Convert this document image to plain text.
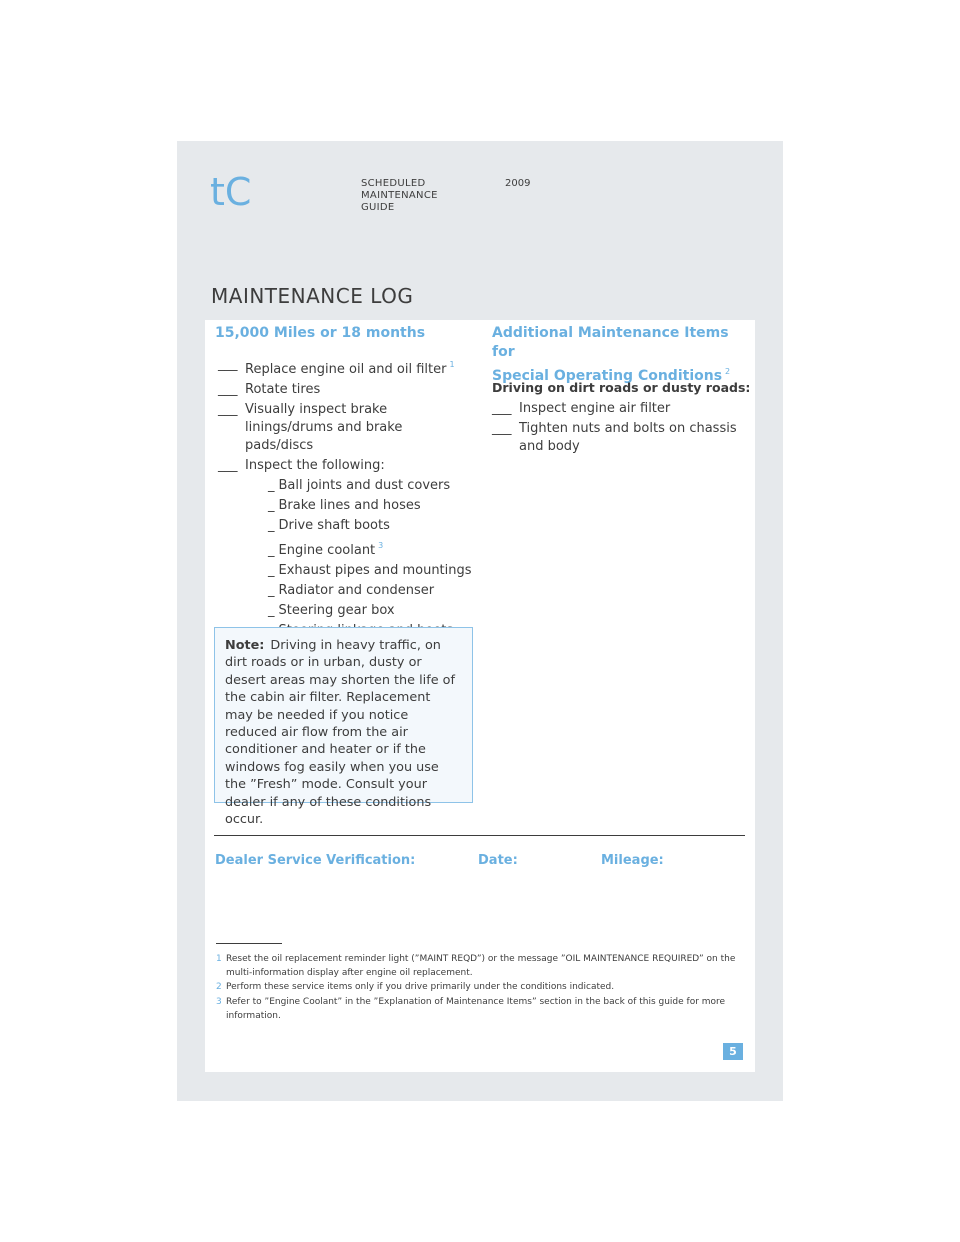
tC	SCHEDULED
MAINTENANCE
GUIDE
2009
MAINTENANCE LOG
15,000 Miles or 18 months
___ Replace engine oil and oil filter $^1$
___ Rotate tires
___ Visually inspect brake linings/drums and brake pads/discs
___ Inspect the following:
_ Ball joints and dust covers
_ Brake lines and hoses
_ Drive shaft boots
_ Engine coolant $^3$
_ Exhaust pipes and mountings
_ Radiator and condenser
_ Steering gear box
Additional Maintenance Items for
Special Operating Conditions $^2$
Driving on dirt roads or dusty roads:
___ Inspect engine air filter
___ Tighten nuts and bolts on chassis and body
Note: Driving in heavy traffic, on dirt roads or in urban, dusty or desert areas may shorten the life of the cabin air filter. Replacement may be needed if you notice reduced air flow from the air conditioner and heater or if the windows fog easily when you use the ”Fresh” mode. Consult your dealer if any of these conditions occur.
Dealer Service Verification:	Date:	Mileage:
1 Reset the oil replacement reminder light (”MAINT REQD”) or the message ”OIL MAINTENANCE REQUIRED” on the multi-information display after engine oil replacement.
2 Perform these service items only if you drive primarily under the conditions indicated.
3 Refer to ”Engine Coolant” in the ”Explanation of Maintenance Items” section in the back of this guide for more information.
5
